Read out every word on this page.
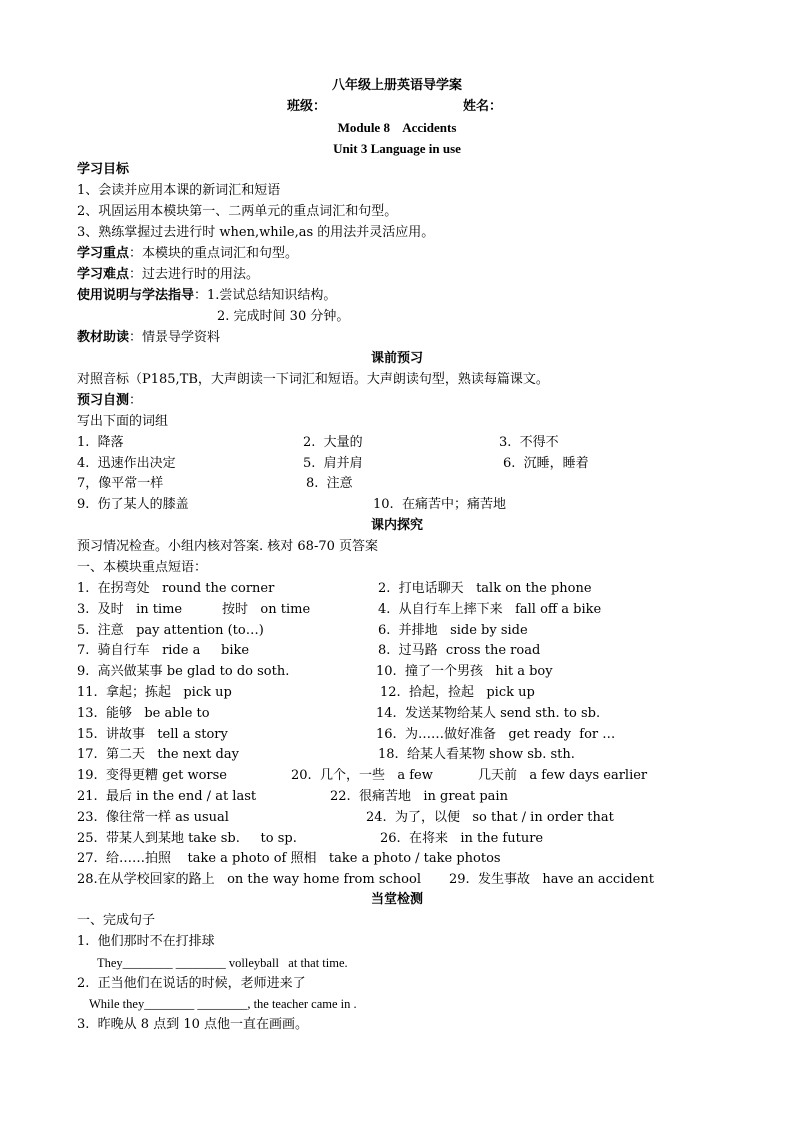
八年级上册英语导学案
班级：	姓名：
Module 8    Accidents
Unit 3 Language in use
学习目标
1、会读并应用本课的新词汇和短语
2、巩固运用本模块第一、二两单元的重点词汇和句型。
3、熟练掌握过去进行时 when,while,as 的用法并灵活应用。
学习重点：本模块的重点词汇和句型。
学习难点：过去进行时的用法。
使用说明与学法指导：1.尝试总结知识结构。
2. 完成时间 30 分钟。
教材助读：情景导学资料
课前预习
对照音标（P185,TB，大声朗读一下词汇和短语。大声朗读句型，熟读每篇课文。
预习自测：
写出下面的词组
1.  降落	2.  大量的	3.  不得不
4.  迅速作出决定	5.  肩并肩	6.  沉睡，睡着
7，像平常一样	8.  注意
9.  伤了某人的膝盖	10.  在痛苦中；痛苦地
课内探究
预习情况检查。小组内核对答案. 核对 68-70 页答案
一、本模块重点短语：
1.  在拐弯处   round the corner	2.  打电话聊天   talk on the phone
3.  及时   in time	按时   on time	4.  从自行车上摔下来   fall off a bike
5.  注意   pay attention (to…)	6.  并排地   side by side
7.  骑自行车   ride a     bike	8.  过马路  cross the road
9.  高兴做某事 be glad to do soth.	10.  撞了一个男孩   hit a boy
11.  拿起；拣起   pick up	12.  拾起，捡起   pick up
13.  能够   be able to	14.  发送某物给某人 send sth. to sb.
15.  讲故事   tell a story	16.  为……做好准备   get ready  for …
17.  第二天   the next day	18.  给某人看某物 show sb. sth.
19.  变得更糟 get worse	20.  几个，一些   a few	几天前   a few days earlier
21.  最后 in the end / at last	22.  很痛苦地   in great pain
23.  像往常一样 as usual	24.  为了，以便   so that / in order that
25.  带某人到某地 take sb.     to sp.	26.  在将来   in the future
27.  给……拍照    take a photo of 照相   take a photo / take photos
28.在从学校回家的路上   on the way home from school 29.  发生事故   have an accident
当堂检测
一、完成句子
1.  他们那时不在打排球
They________ ________ volleyball   at that time.
2.  正当他们在说话的时候，老师进来了
While they________ ________, the teacher came in .
3.  昨晚从 8 点到 10 点他一直在画画。
